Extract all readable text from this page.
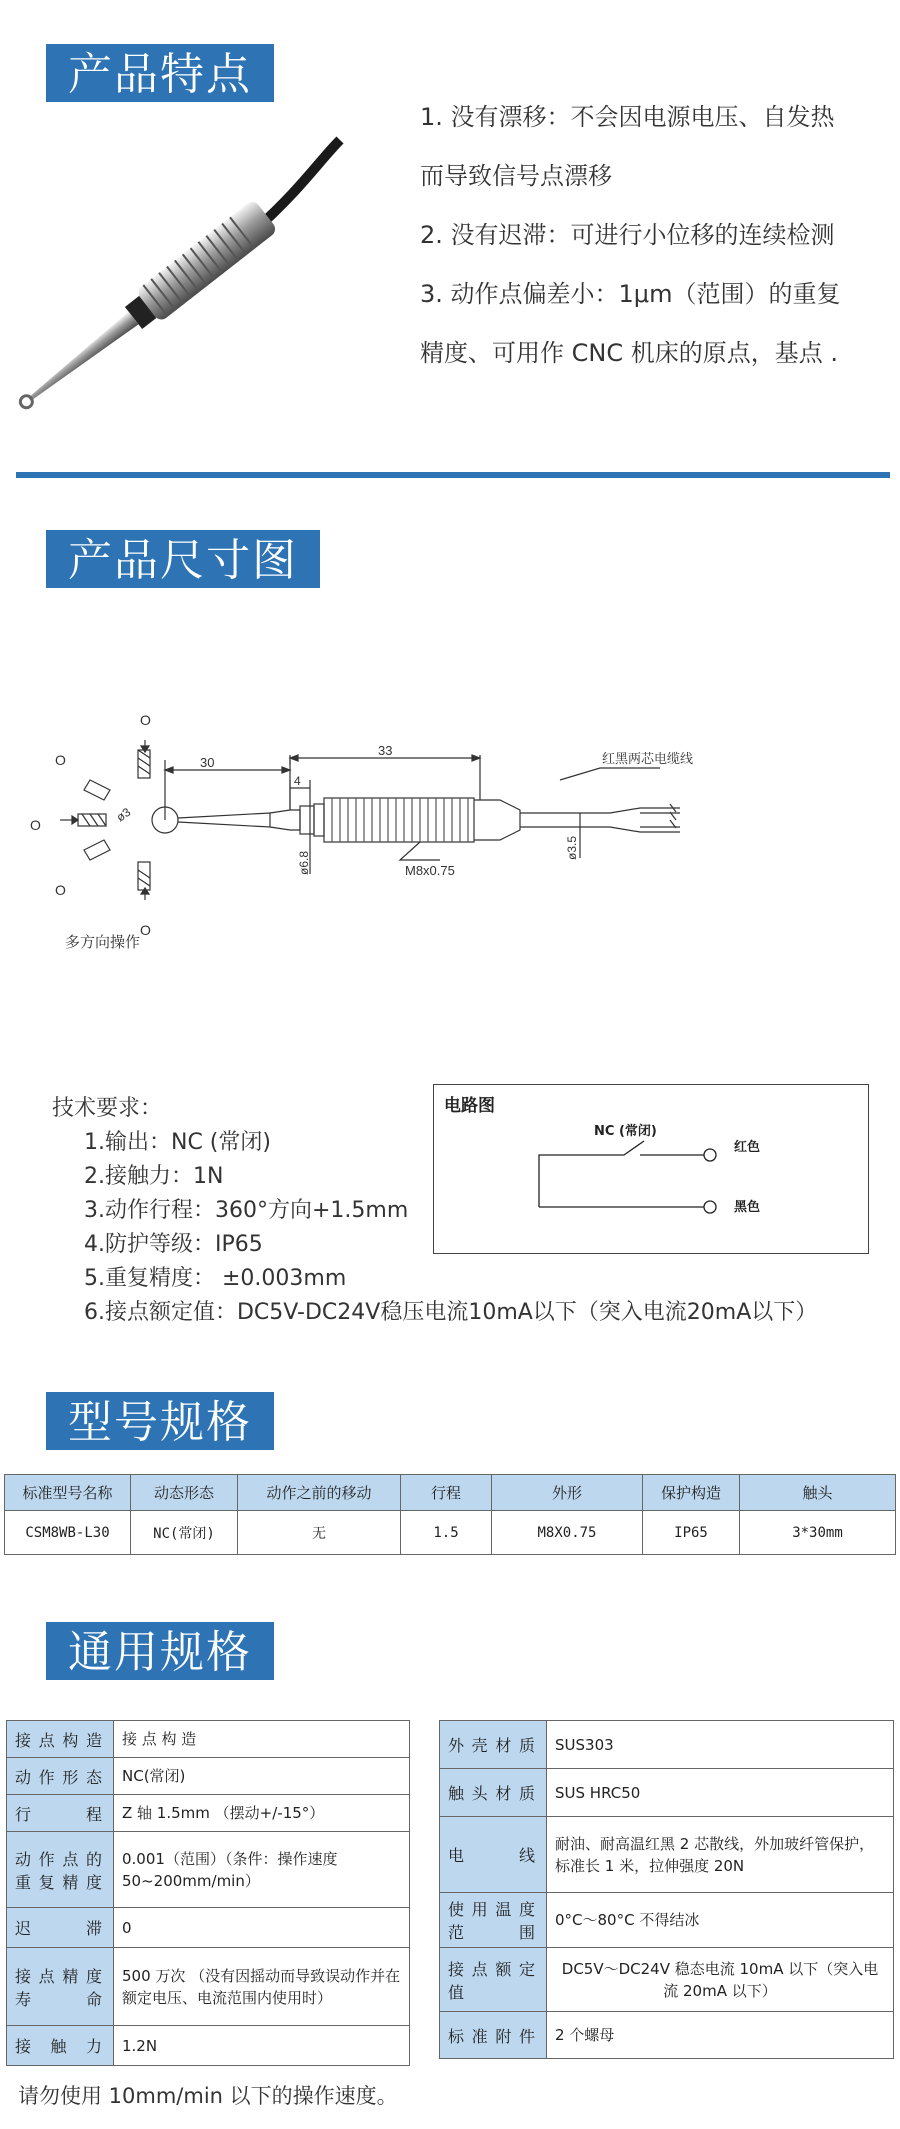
产品特点
1. 没有漂移：不会因电源电压、自发热
而导致信号点漂移
2. 没有迟滞：可进行小位移的连续检测
3. 动作点偏差小：1μm（范围）的重复
精度、可用作 CNC 机床的原点，基点 .
产品尺寸图
O
O
O
O
O
30
33
4
ø3
ø6.8
ø3.5
M8x0.75
红黑两芯电缆线
多方向操作
技术要求：
1.输出：NC (常闭)
2.接触力：1N
3.动作行程：360°方向+1.5mm
4.防护等级：IP65
5.重复精度： ±0.003mm
6.接点额定值：DC5V-DC24V稳压电流10mA以下（突入电流20mA以下）
电路图
NC (常闭)
红色
黑色
型号规格
标准型号名称	动态形态	动作之前的移动	行程	外形	保护构造	触头
CSM8WB-L30	NC(常闭)	无	1.5	M8X0.75	IP65	3*30mm
通用规格
接点构造	接 点 构 造
动作形态	NC(常闭)
行程	Z 轴 1.5mm （摆动+/-15°）
动作点的重复精度	0.001（范围）（条件：操作速度 50~200mm/min）
迟滞	0
接点精度寿命	500 万次 （没有因摇动而导致误动作并在额定电压、电流范围内使用时）
接触力	1.2N
外壳材质	SUS303
触头材质	SUS HRC50
电线	耐油、耐高温红黑 2 芯散线，外加玻纤管保护，标准长 1 米，拉伸强度 20N
使用温度范围	0°C～80°C 不得结冰
接点额定值	DC5V～DC24V 稳态电流 10mA 以下（突入电流 20mA 以下）
标准附件	2 个螺母
请勿使用 10mm/min 以下的操作速度。
